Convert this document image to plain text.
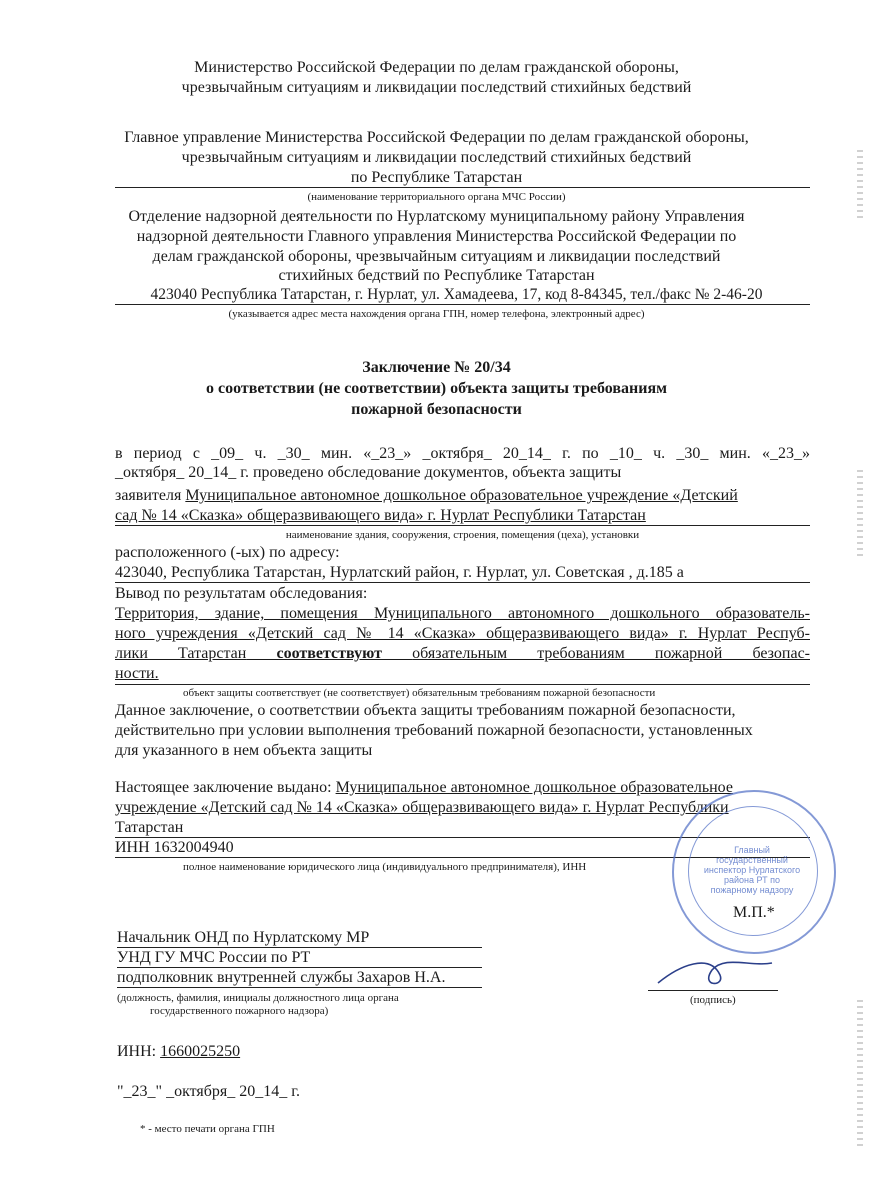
Министерство Российской Федерации по делам гражданской обороны,
чрезвычайным ситуациям и ликвидации последствий стихийных бедствий
Главное управление Министерства Российской Федерации по делам гражданской обороны,
чрезвычайным ситуациям и ликвидации последствий стихийных бедствий
по Республике Татарстан
(наименование территориального органа МЧС России)
Отделение надзорной деятельности по Нурлатскому муниципальному району Управления
надзорной деятельности Главного управления Министерства Российской Федерации по
делам гражданской обороны, чрезвычайным ситуациям и ликвидации последствий
стихийных бедствий по Республике Татарстан
423040 Республика Татарстан, г. Нурлат, ул. Хамадеева, 17, код 8-84345, тел./факс № 2-46-20
(указывается адрес места нахождения органа ГПН, номер телефона, электронный адрес)
Заключение № 20/34
о соответствии (не соответствии) объекта защиты требованиям
пожарной безопасности
в период с _09_ ч. _30_ мин. «_23_» _октября_ 20_14_ г. по _10_ ч. _30_ мин. «_23_»
_октября_ 20_14_ г. проведено обследование документов, объекта защиты
заявителя Муниципальное автономное дошкольное образовательное учреждение «Детский
сад № 14 «Сказка» общеразвивающего вида» г. Нурлат Республики Татарстан
наименование здания, сооружения, строения, помещения (цеха), установки
расположенного (-ых) по адресу:
423040, Республика Татарстан, Нурлатский район, г. Нурлат, ул. Советская , д.185 а
Вывод по результатам обследования:
Территория, здание, помещения Муниципального автономного дошкольного образователь-
ного учреждения «Детский сад № 14 «Сказка» общеразвивающего вида» г. Нурлат Респуб-
лики Татарстан соответствуют обязательным требованиям пожарной безопас-
ности.
объект защиты соответствует (не соответствует) обязательным требованиям пожарной безопасности
Данное заключение, о соответствии объекта защиты требованиям пожарной безопасности,
действительно при условии выполнения требований пожарной безопасности, установленных
для указанного в нем объекта защиты
Настоящее заключение выдано: Муниципальное автономное дошкольное образовательное
учреждение «Детский сад № 14 «Сказка» общеразвивающего вида» г. Нурлат Республики
Татарстан
ИНН 1632004940
полное наименование юридического лица (индивидуального предпринимателя), ИНН
Главный государственный инспектор Нурлатского района РТ по пожарному надзору
М.П.*
Начальник ОНД по Нурлатскому МР
УНД ГУ МЧС России по РТ
подполковник внутренней службы Захаров Н.А.
(должность, фамилия, инициалы должностного лица органа
государственного пожарного надзора)
(подпись)
ИНН: 1660025250
"_23_" _октября_ 20_14_ г.
* - место печати органа ГПН
